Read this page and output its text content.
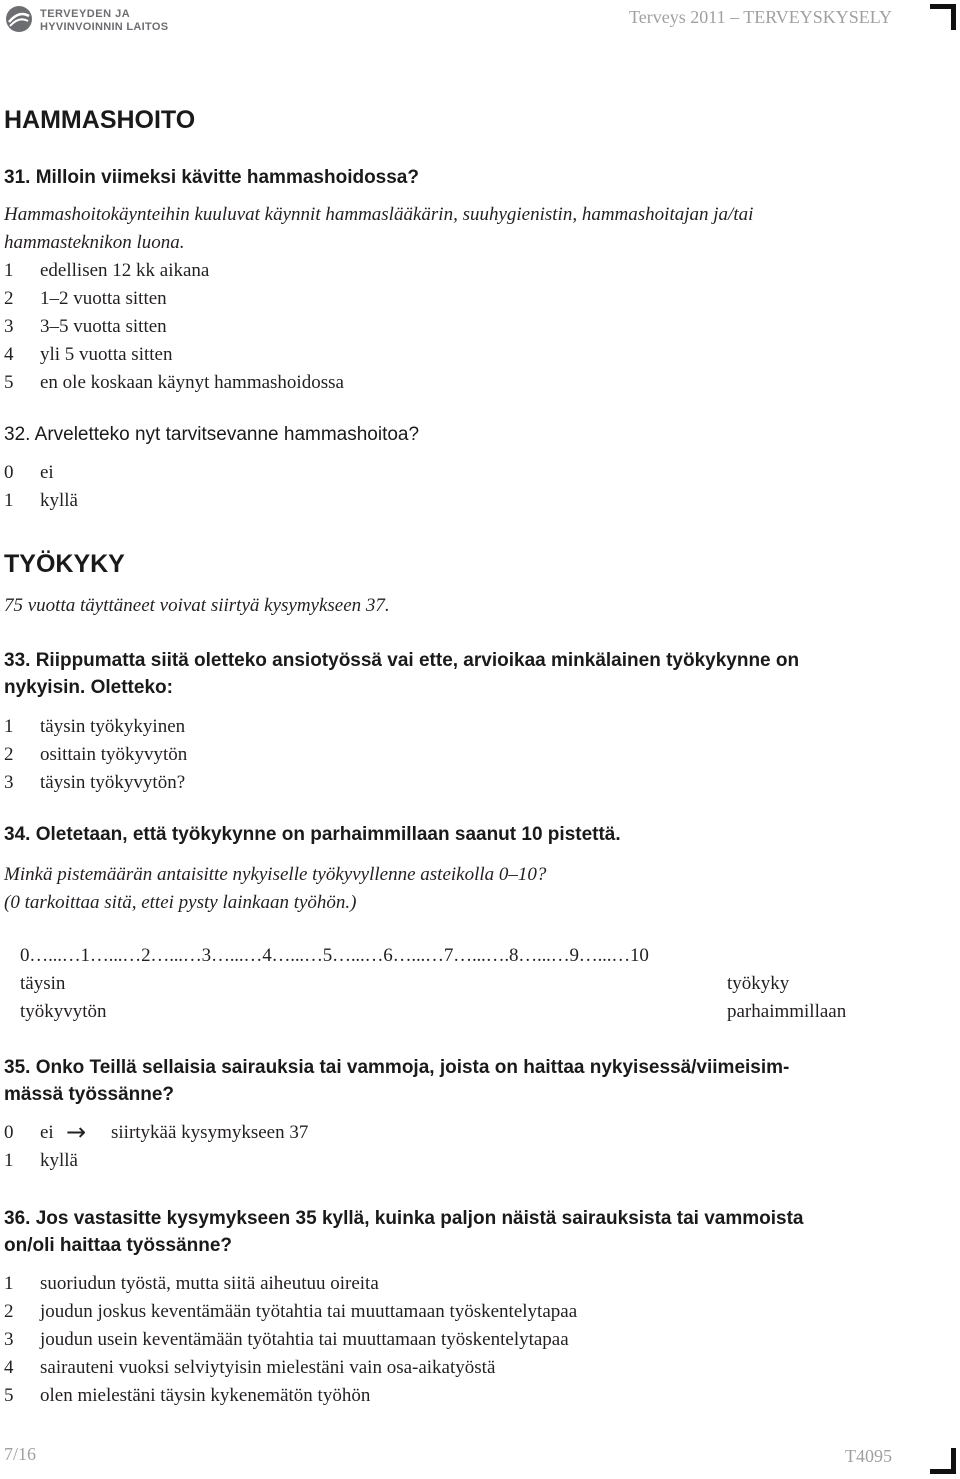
TERVEYDEN JA
HYVINVOINNIN LAITOS	Terveys 2011 – TERVEYSKYSELY
HAMMASHOITO
31. Milloin viimeksi kävitte hammashoidossa?
Hammashoitokäynteihin kuuluvat käynnit hammaslääkärin, suuhygienistin, hammashoitajan ja/tai
hammasteknikon luona.
1 edellisen 12 kk aikana
2 1–2 vuotta sitten
3 3–5 vuotta sitten
4 yli 5 vuotta sitten
5 en ole koskaan käynyt hammashoidossa
32. Arveletteko nyt tarvitsevanne hammashoitoa?
0 ei
1 kyllä
TYÖKYKY
75 vuotta täyttäneet voivat siirtyä kysymykseen 37.
33. Riippumatta siitä oletteko ansiotyössä vai ette, arvioikaa minkälainen työkykynne on
nykyisin. Oletteko:
1 täysin työkykyinen
2 osittain työkyvytön
3 täysin työkyvytön?
34. Oletetaan, että työkykynne on parhaimmillaan saanut 10 pistettä.
Minkä pistemäärän antaisitte nykyiselle työkyvyllenne asteikolla 0–10?
(0 tarkoittaa sitä, ettei pysty lainkaan työhön.)
0…...…1…...…2…...…3…...…4…...…5…...…6…...…7…...….8…...…9…...…10
täysin
työkyvytön
työkyky
parhaimmillaan
35. Onko Teillä sellaisia sairauksia tai vammoja, joista on haittaa nykyisessä/viimeisim-
mässä työssänne?
0 ei → siirtykää kysymykseen 37
1 kyllä
36. Jos vastasitte kysymykseen 35 kyllä, kuinka paljon näistä sairauksista tai vammoista
on/oli haittaa työssänne?
1 suoriudun työstä, mutta siitä aiheutuu oireita
2 joudun joskus keventämään työtahtia tai muuttamaan työskentelytapaa
3 joudun usein keventämään työtahtia tai muuttamaan työskentelytapaa
4 sairauteni vuoksi selviytyisin mielestäni vain osa-aikatyöstä
5 olen mielestäni täysin kykenemätön työhön
7/16	T4095
